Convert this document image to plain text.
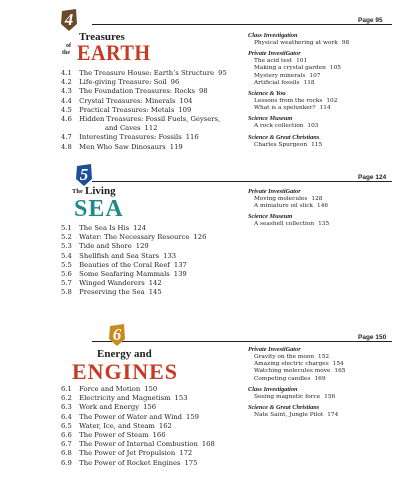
Page 95
4
Treasures
of
the EARTH
4.1 The Treasure House: Earth’s Structure 95
4.2 Life-giving Treasure: Soil 96
4.3 The Foundation Treasures: Rocks 98
4.4 Crystal Treasures: Minerals 104
4.5 Practical Treasures: Metals 109
4.6 Hidden Treasures: Fossil Fuels, Geysers,
and Caves 112
4.7 Interesting Treasures: Fossils 116
4.8 Men Who Saw Dinosaurs 119
Class Investigation
Physical weathering at work 98
Private InvestiGator
The acid test 101
Making a crystal garden 105
Mystery minerals 107
Artificial fossils 118
Science & You
Lessons from the rocks 102
What is a spelunker? 114
Science Museum
A rock collection 103
Science & Great Christians
Charles Spurgeon 115
Page 124
5
The Living
SEA
5.1 The Sea Is His 124
5.2 Water: The Necessary Resource 126
5.3 Tide and Shore 129
5.4 Shellfish and Sea Stars 133
5.5 Beauties of the Coral Reef 137
5.6 Some Seafaring Mammals 139
5.7 Winged Wanderers 142
5.8 Preserving the Sea 145
Private InvestiGator
Moving molecules 128
A miniature oil slick 146
Science Museum
A seashell collection 135
Page 150
6
Energy and
ENGINES
6.1 Force and Motion 150
6.2 Electricity and Magnetism 153
6.3 Work and Energy 156
6.4 The Power of Water and Wind 159
6.5 Water, Ice, and Steam 162
6.6 The Power of Steam 166
6.7 The Power of Internal Combustion 168
6.8 The Power of Jet Propulsion 172
6.9 The Power of Rocket Engines 175
Private InvestiGator
Gravity on the moon 152
Amazing electric charges 154
Watching molecules move 165
Competing candles 169
Class Investigation
Seeing magnetic force 156
Science & Great Christians
Nate Saint, Jungle Pilot 174
